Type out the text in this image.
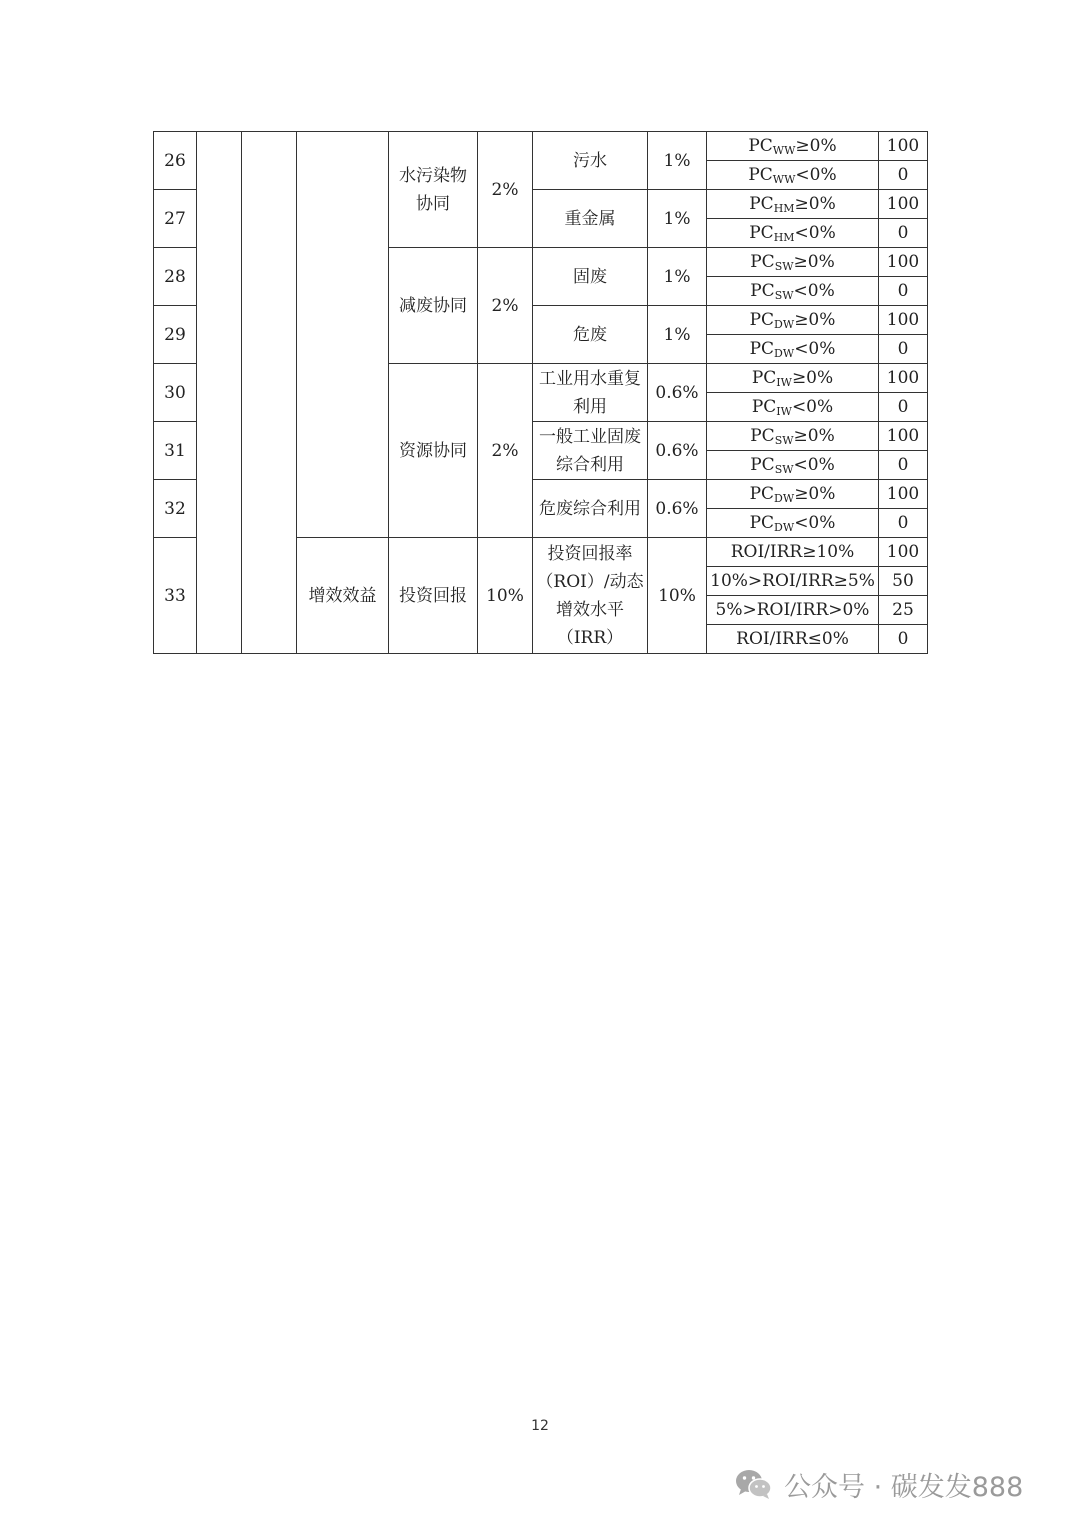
26				水污染物协同	2%	污水	1%	$PC_{WW}\ge 0\%$	100
								$PC_{WW}<0\%$	0
27						重金属	1%	$PC_{HM}\ge 0\%$	100
								$PC_{HM}<0\%$	0
28				减废协同	2%	固废	1%	$PC_{SW}\ge 0\%$	100
								$PC_{SW}<0\%$	0
29						危废	1%	$PC_{DW}\ge 0\%$	100
								$PC_{DW}<0\%$	0
30				资源协同	2%	工业用水重复利用	0.6%	$PC_{IW}\ge 0\%$	100
								$PC_{IW}<0\%$	0
31						一般工业固废综合利用	0.6%	$PC_{SW}\ge 0\%$	100
								$PC_{SW}<0\%$	0
32						危废综合利用	0.6%	$PC_{DW}\ge 0\%$	100
								$PC_{DW}<0\%$	0
33			增效效益	投资回报	10%	投资回报率（ROI）/动态增效水平（IRR）	10%	ROI/IRR≥10%	100
								10%>ROI/IRR≥5%	50
								5%>ROI/IRR>0%	25
								ROI/IRR≤0%	0
12
公众号 · 碳发发888
